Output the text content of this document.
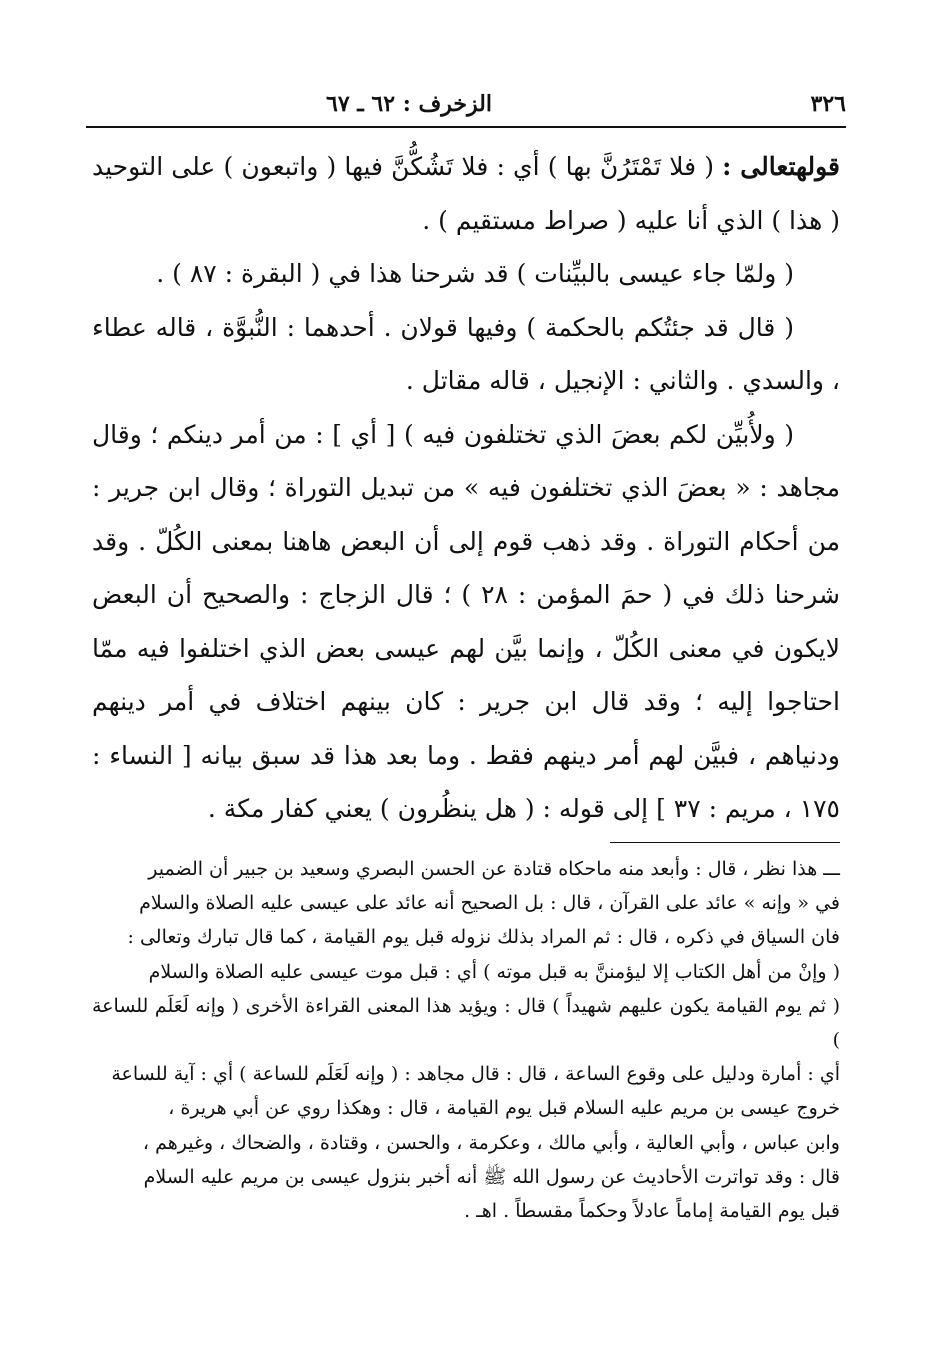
٣٢٦
الزخرف : ٦٢ ـ ٦٧

قولهتعالى : ( فلا تَمْتَرُنَّ بها ) أي : فلا تَشُكُّنَّ فيها ( واتبعون ) على التوحيد ( هذا ) الذي أنا عليه ( صراط مستقيم ) .

( ولمّا جاء عيسى بالبيِّنات ) قد شرحنا هذا في ( البقرة : ٨٧ ) .

( قال قد جئتُكم بالحكمة ) وفيها قولان . أحدهما : النُّبوَّة ، قاله عطاء ، والسدي . والثاني : الإنجيل ، قاله مقاتل .

( ولأُبيِّن لكم بعضَ الذي تختلفون فيه ) [ أي ] : من أمر دينكم ؛ وقال مجاهد : « بعضَ الذي تختلفون فيه » من تبديل التوراة ؛ وقال ابن جرير : من أحكام التوراة . وقد ذهب قوم إلى أن البعض هاهنا بمعنى الكُلّ . وقد شرحنا ذلك في ( حمَ المؤمن : ٢٨ ) ؛ قال الزجاج : والصحيح أن البعض لايكون في معنى الكُلّ ، وإنما بيَّن لهم عيسى بعض الذي اختلفوا فيه ممّا احتاجوا إليه ؛ وقد قال ابن جرير : كان بينهم اختلاف في أمر دينهم ودنياهم ، فبيَّن لهم أمر دينهم فقط . وما بعد هذا قد سبق بيانه [ النساء : ١٧٥ ، مريم : ٣٧ ] إلى قوله : ( هل ينظُرون ) يعني كفار مكة .

ـــ هذا نظر ، قال : وأبعد منه ماحكاه قتادة عن الحسن البصري وسعيد بن جبير أن الضمير

في « وإنه » عائد على القرآن ، قال : بل الصحيح أنه عائد على عيسى عليه الصلاة والسلام

فان السياق في ذكره ، قال : ثم المراد بذلك نزوله قبل يوم القيامة ، كما قال تبارك وتعالى :

( وإنْ من أهل الكتاب إلا ليؤمننَّ به قبل موته ) أي : قبل موت عيسى عليه الصلاة والسلام

( ثم يوم القيامة يكون عليهم شهيداً ) قال : ويؤيد هذا المعنى القراءة الأخرى ( وإنه لَعَلَم للساعة )

أي : أمارة ودليل على وقوع الساعة ، قال : قال مجاهد : ( وإنه لَعَلَم للساعة ) أي : آية للساعة

خروج عيسى بن مريم عليه السلام قبل يوم القيامة ، قال : وهكذا روي عن أبي هريرة ،

وابن عباس ، وأبي العالية ، وأبي مالك ، وعكرمة ، والحسن ، وقتادة ، والضحاك ، وغيرهم ،

قال : وقد تواترت الأحاديث عن رسول الله ﷺ أنه أخبر بنزول عيسى بن مريم عليه السلام

قبل يوم القيامة إماماً عادلاً وحكماً مقسطاً . اهـ .
